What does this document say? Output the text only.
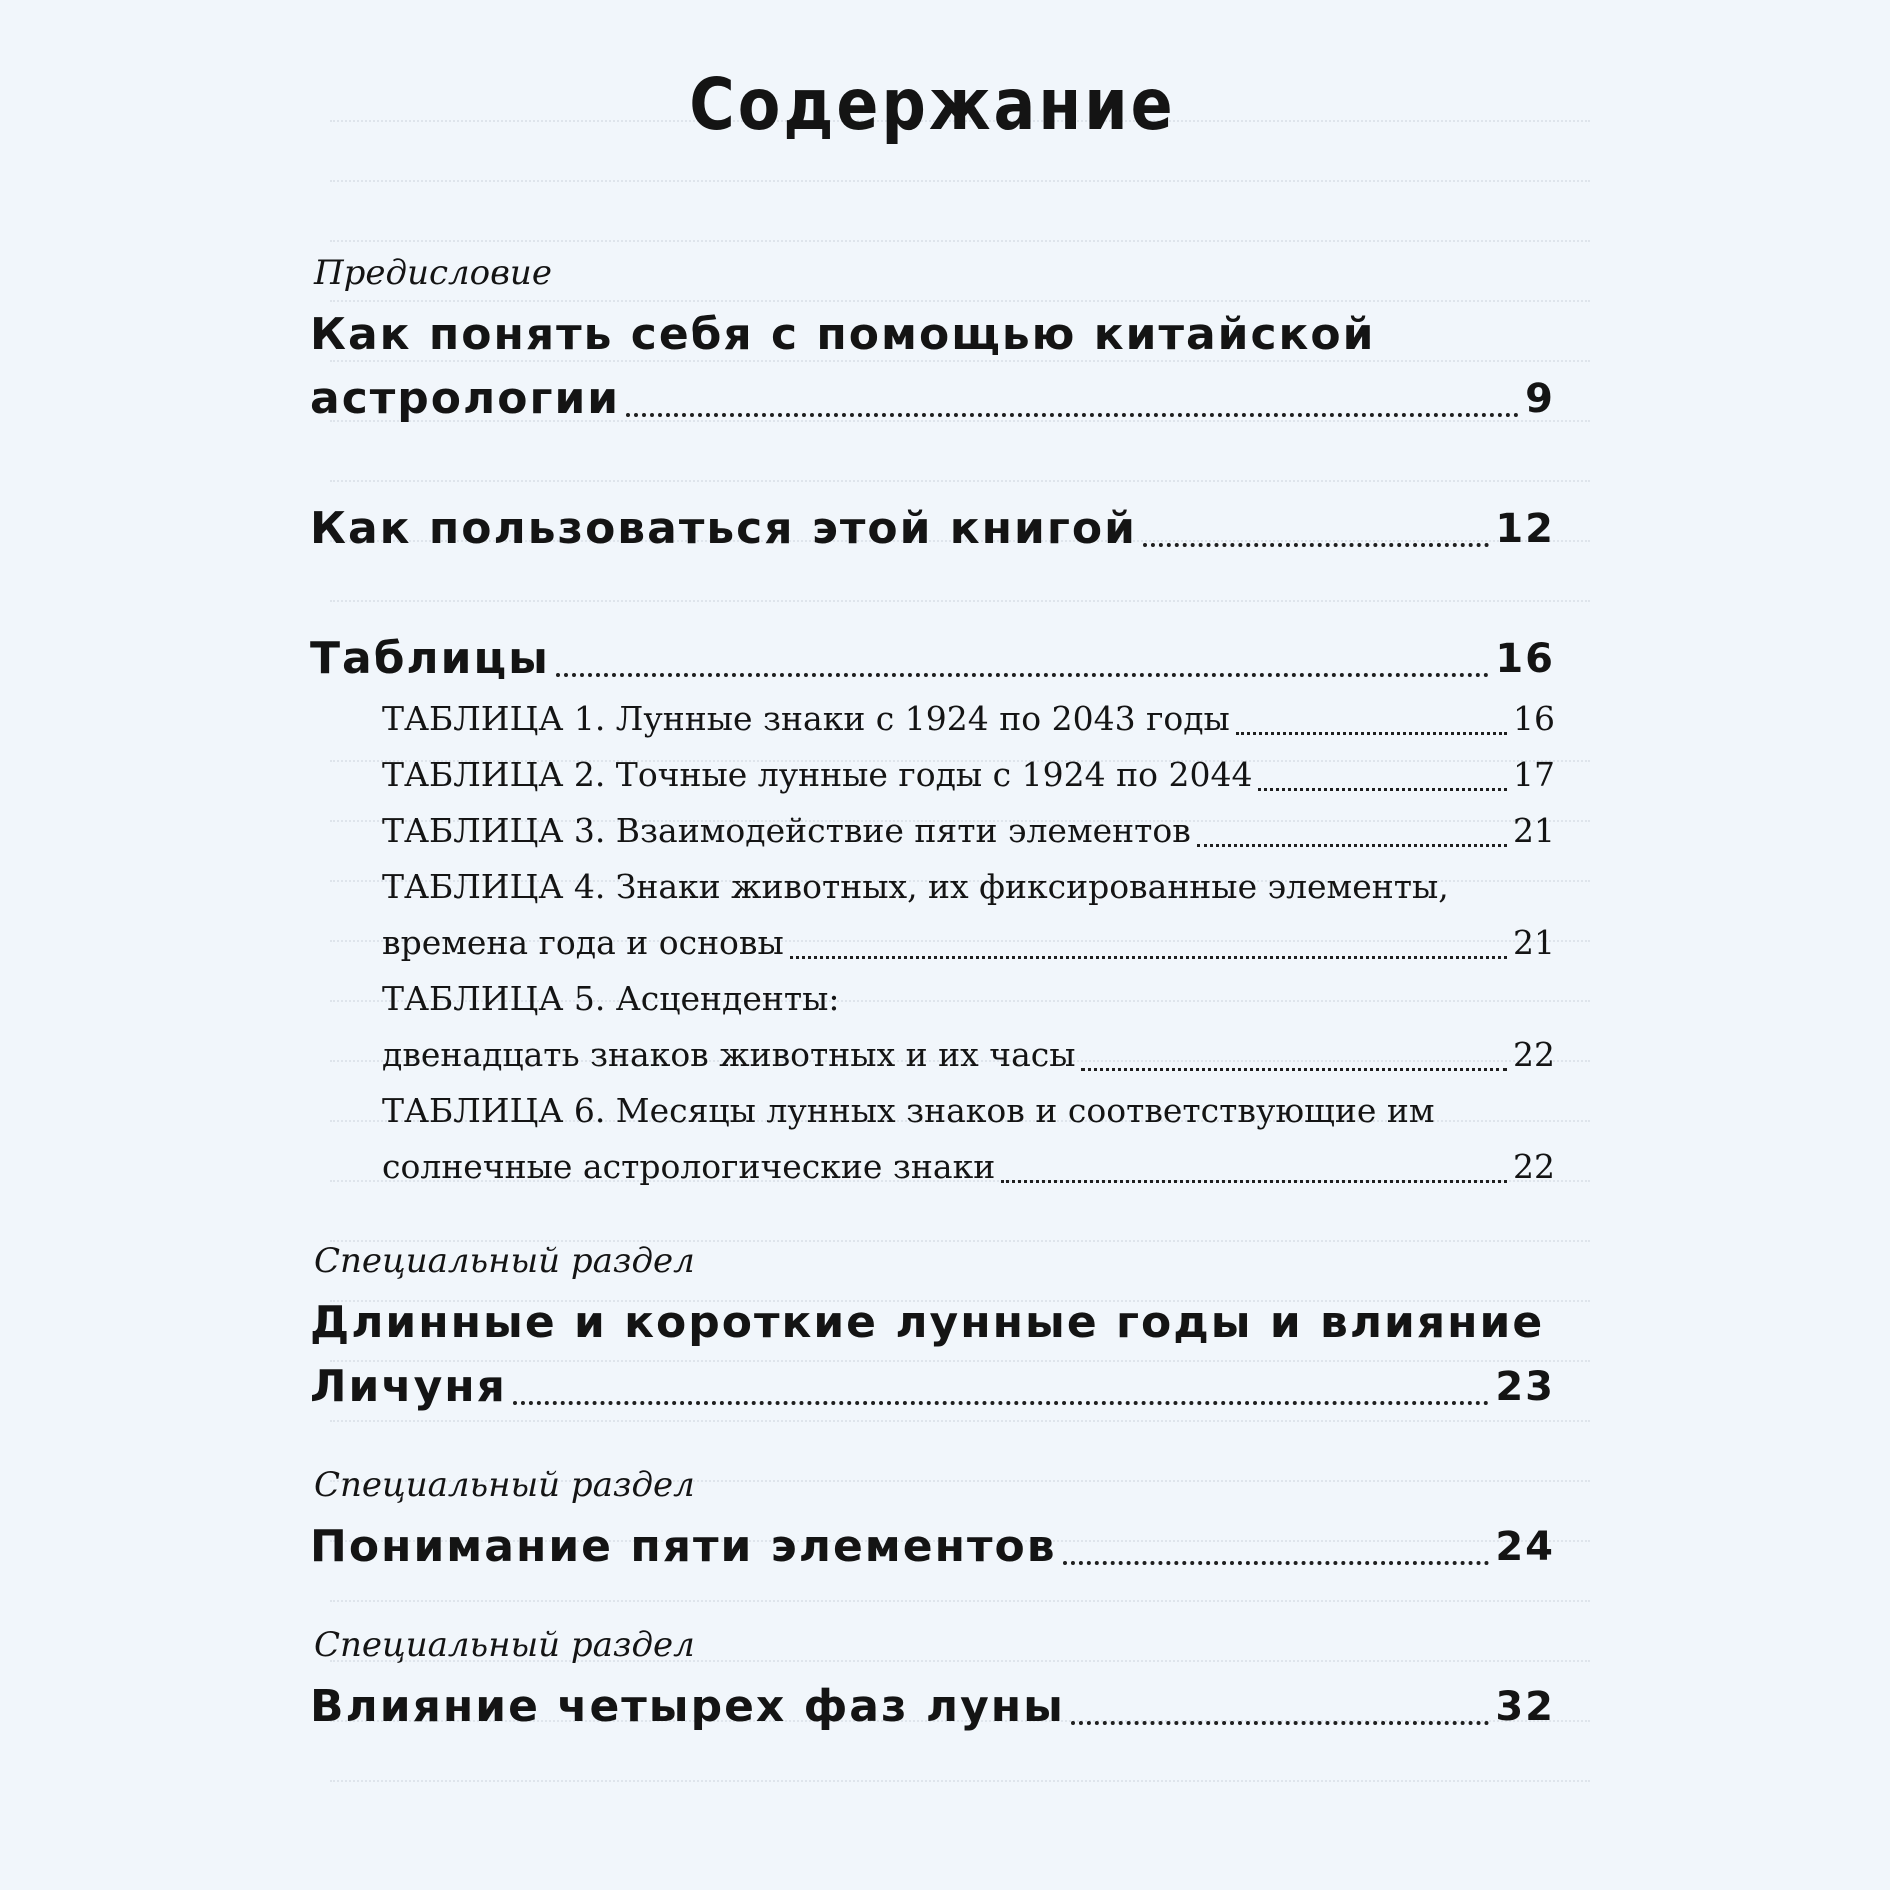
Содержание
Предисловие
Как понять себя с помощью китайской
астрологии	9
Как пользоваться этой книгой	12
Таблицы	16
ТАБЛИЦА 1. Лунные знаки с 1924 по 2043 годы	16
ТАБЛИЦА 2. Точные лунные годы с 1924 по 2044	17
ТАБЛИЦА 3. Взаимодействие пяти элементов	21
ТАБЛИЦА 4. Знаки животных, их фиксированные элементы,
времена года и основы	21
ТАБЛИЦА 5. Асценденты:
двенадцать знаков животных и их часы	22
ТАБЛИЦА 6. Месяцы лунных знаков и соответствующие им
солнечные астрологические знаки	22
Специальный раздел
Длинные и короткие лунные годы и влияние
Личуня	23
Специальный раздел
Понимание пяти элементов	24
Специальный раздел
Влияние четырех фаз луны	32
